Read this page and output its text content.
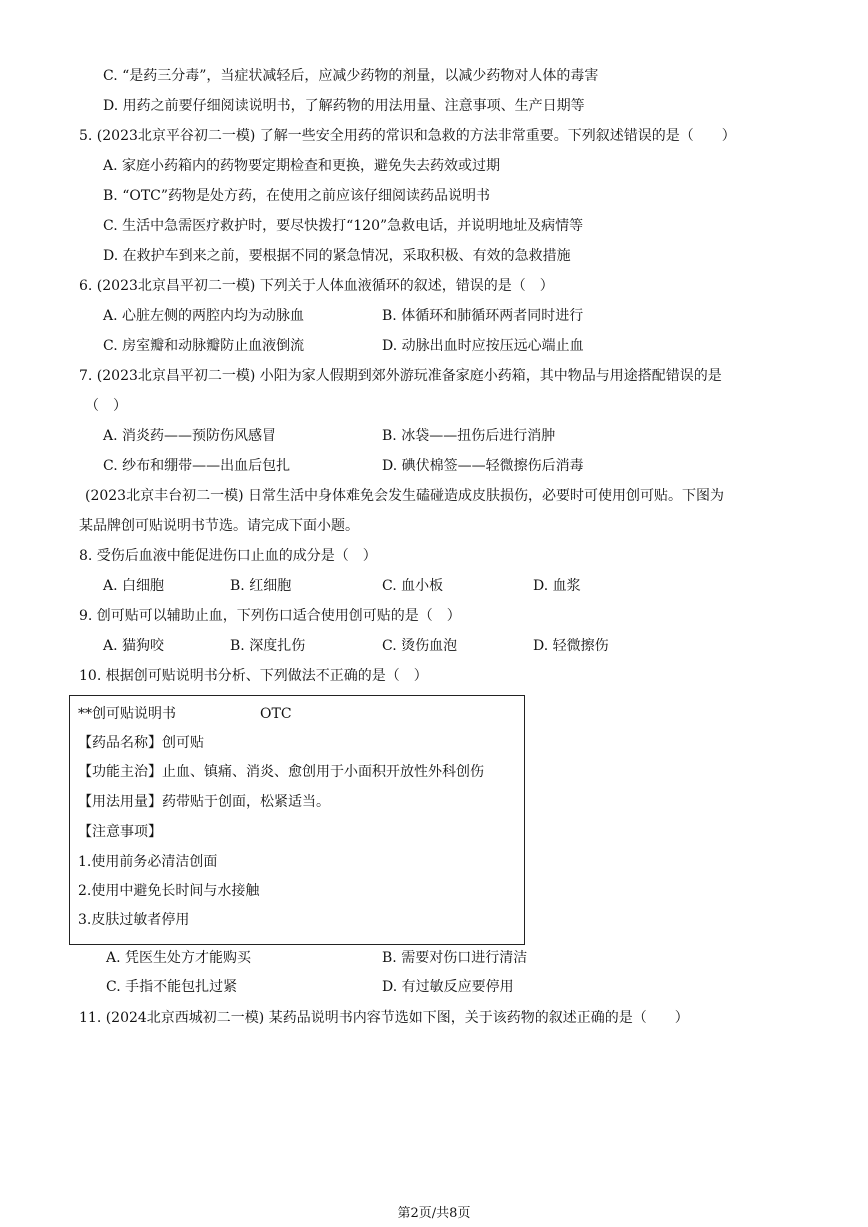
C. “是药三分毒”，当症状减轻后，应减少药物的剂量，以减少药物对人体的毒害
D. 用药之前要仔细阅读说明书，了解药物的用法用量、注意事项、生产日期等
5. (2023北京平谷初二一模) 了解一些安全用药的常识和急救的方法非常重要。下列叙述错误的是（　　）
A. 家庭小药箱内的药物要定期检查和更换，避免失去药效或过期
B. “OTC”药物是处方药，在使用之前应该仔细阅读药品说明书
C. 生活中急需医疗救护时，要尽快拨打“120”急救电话，并说明地址及病情等
D. 在救护车到来之前，要根据不同的紧急情况，采取积极、有效的急救措施
6. (2023北京昌平初二一模) 下列关于人体血液循环的叙述，错误的是（　）
A. 心脏左侧的两腔内均为动脉血	B. 体循环和肺循环两者同时进行
C. 房室瓣和动脉瓣防止血液倒流	D. 动脉出血时应按压远心端止血
7. (2023北京昌平初二一模) 小阳为家人假期到郊外游玩准备家庭小药箱，其中物品与用途搭配错误的是
（　）
A. 消炎药——预防伤风感冒	B. 冰袋——扭伤后进行消肿
C. 纱布和绷带——出血后包扎	D. 碘伏棉签——轻微擦伤后消毒
(2023北京丰台初二一模) 日常生活中身体难免会发生磕碰造成皮肤损伤，必要时可使用创可贴。下图为
某品牌创可贴说明书节选。请完成下面小题。
8. 受伤后血液中能促进伤口止血的成分是（　）
A. 白细胞	B. 红细胞	C. 血小板	D. 血浆
9. 创可贴可以辅助止血，下列伤口适合使用创可贴的是（　）
A. 猫狗咬	B. 深度扎伤	C. 烫伤血泡	D. 轻微擦伤
10. 根据创可贴说明书分析、下列做法不正确的是（　）
**创可贴说明书	OTC
【药品名称】创可贴
【功能主治】止血、镇痛、消炎、愈创用于小面积开放性外科创伤
【用法用量】药带贴于创面，松紧适当。
【注意事项】
1.使用前务必清洁创面
2.使用中避免长时间与水接触
3.皮肤过敏者停用
A. 凭医生处方才能购买	B. 需要对伤口进行清洁
C. 手指不能包扎过紧	D. 有过敏反应要停用
11. (2024北京西城初二一模) 某药品说明书内容节选如下图，关于该药物的叙述正确的是（　　）
第2页/共8页
